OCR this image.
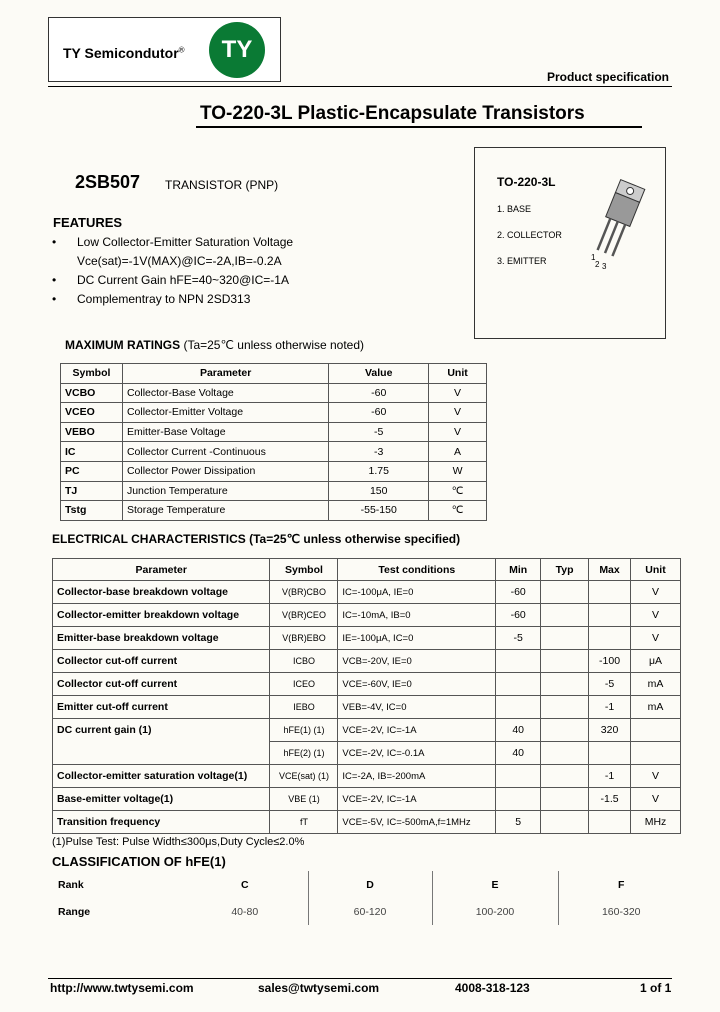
TY Semicondutor® TY
Product specification
TO-220-3L Plastic-Encapsulate Transistors
TO-220-3L
1. BASE
2. COLLECTOR
3. EMITTER	1
2 3
2SB507 TRANSISTOR (PNP)
FEATURES
• Low Collector-Emitter Saturation Voltage
Vce(sat)=-1V(MAX)@IC=-2A,IB=-0.2A
• DC Current Gain hFE=40~320@IC=-1A
• Complementray to NPN 2SD313
MAXIMUM RATINGS (Ta=25℃ unless otherwise noted)
Symbol	Parameter	Value	Unit
VCBO	Collector-Base Voltage	-60	V
VCEO	Collector-Emitter Voltage	-60	V
VEBO	Emitter-Base Voltage	-5	V
IC	Collector Current -Continuous	-3	A
PC	Collector Power Dissipation	1.75	W
TJ	Junction Temperature	150	℃
Tstg	Storage Temperature	-55-150	℃
ELECTRICAL CHARACTERISTICS (Ta=25℃ unless otherwise specified)
Parameter	Symbol	Test conditions	Min	Typ	Max	Unit
Collector-base breakdown voltage	V(BR)CBO	IC=-100μA, IE=0	-60			V
Collector-emitter breakdown voltage	V(BR)CEO	IC=-10mA, IB=0	-60			V
Emitter-base breakdown voltage	V(BR)EBO	IE=-100μA, IC=0	-5			V
Collector cut-off current	ICBO	VCB=-20V, IE=0			-100	μA
Collector cut-off current	ICEO	VCE=-60V, IE=0			-5	mA
Emitter cut-off current	IEBO	VEB=-4V, IC=0			-1	mA
DC current gain (1)	hFE(1) (1)	VCE=-2V, IC=-1A	40		320	
	hFE(2) (1)	VCE=-2V, IC=-0.1A	40			
Collector-emitter saturation voltage(1)	VCE(sat) (1)	IC=-2A, IB=-200mA			-1	V
Base-emitter voltage(1)	VBE (1)	VCE=-2V, IC=-1A			-1.5	V
Transition frequency	fT	VCE=-5V, IC=-500mA,f=1MHz	5			MHz
(1)Pulse Test: Pulse Width≤300μs,Duty Cycle≤2.0%
CLASSIFICATION OF hFE(1)
Rank	C	D	E	F
Range	40-80	60-120	100-200	160-320
http://www.twtysemi.com	sales@twtysemi.com	4008-318-123	1 of 1
